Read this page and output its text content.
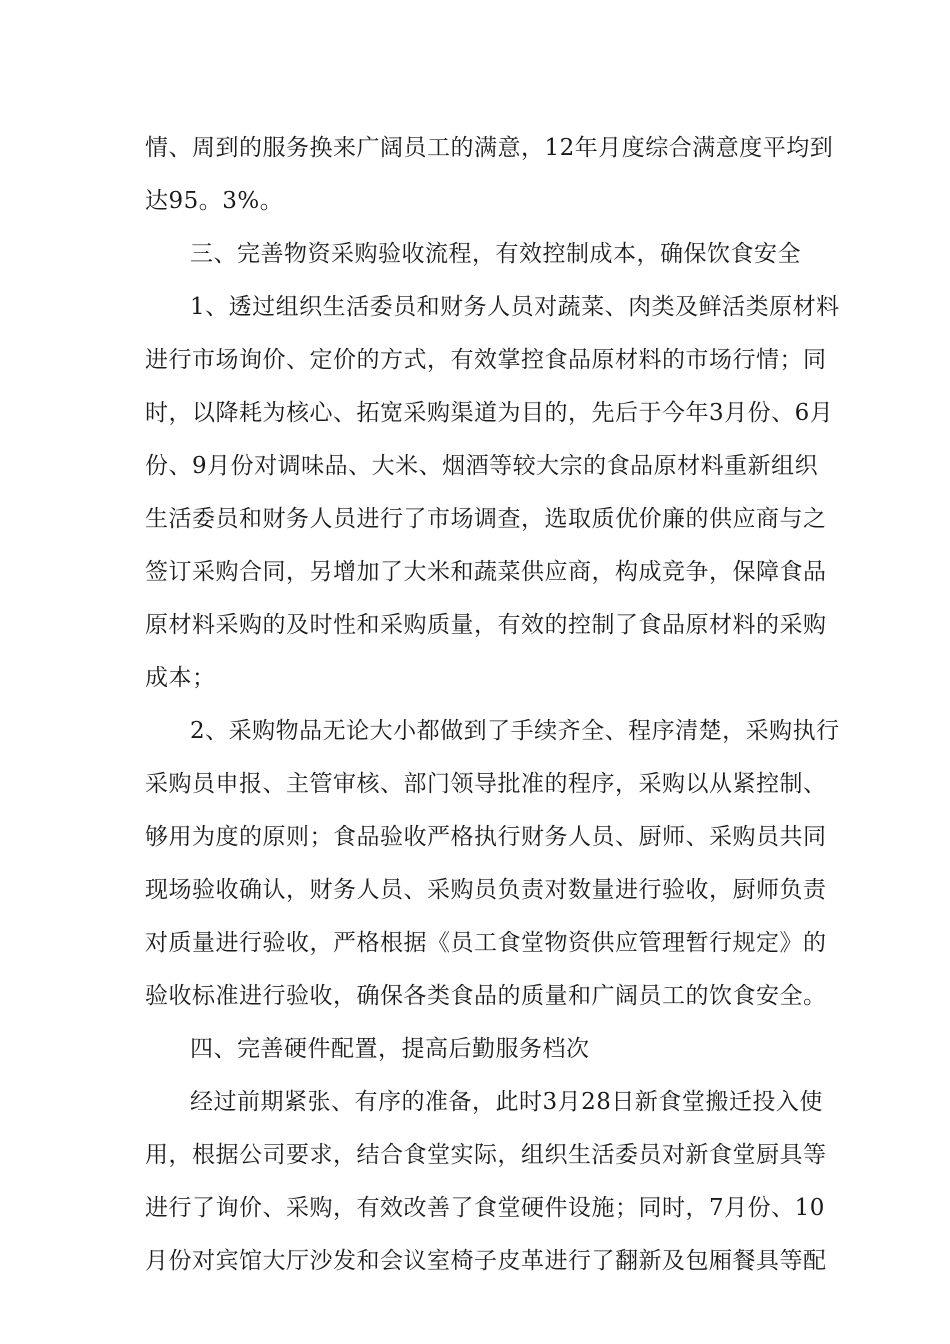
情、周到的服务换来广阔员工的满意，12年月度综合满意度平均到
达95。3%。
三、完善物资采购验收流程，有效控制成本，确保饮食安全
1、透过组织生活委员和财务人员对蔬菜、肉类及鲜活类原材料
进行市场询价、定价的方式，有效掌控食品原材料的市场行情；同
时，以降耗为核心、拓宽采购渠道为目的，先后于今年3月份、6月
份、9月份对调味品、大米、烟酒等较大宗的食品原材料重新组织
生活委员和财务人员进行了市场调查，选取质优价廉的供应商与之
签订采购合同，另增加了大米和蔬菜供应商，构成竞争，保障食品
原材料采购的及时性和采购质量，有效的控制了食品原材料的采购
成本；
2、采购物品无论大小都做到了手续齐全、程序清楚，采购执行
采购员申报、主管审核、部门领导批准的程序，采购以从紧控制、
够用为度的原则；食品验收严格执行财务人员、厨师、采购员共同
现场验收确认，财务人员、采购员负责对数量进行验收，厨师负责
对质量进行验收，严格根据《员工食堂物资供应管理暂行规定》的
验收标准进行验收，确保各类食品的质量和广阔员工的饮食安全。
四、完善硬件配置，提高后勤服务档次
经过前期紧张、有序的准备，此时3月28日新食堂搬迁投入使
用，根据公司要求，结合食堂实际，组织生活委员对新食堂厨具等
进行了询价、采购，有效改善了食堂硬件设施；同时，7月份、10
月份对宾馆大厅沙发和会议室椅子皮革进行了翻新及包厢餐具等配
